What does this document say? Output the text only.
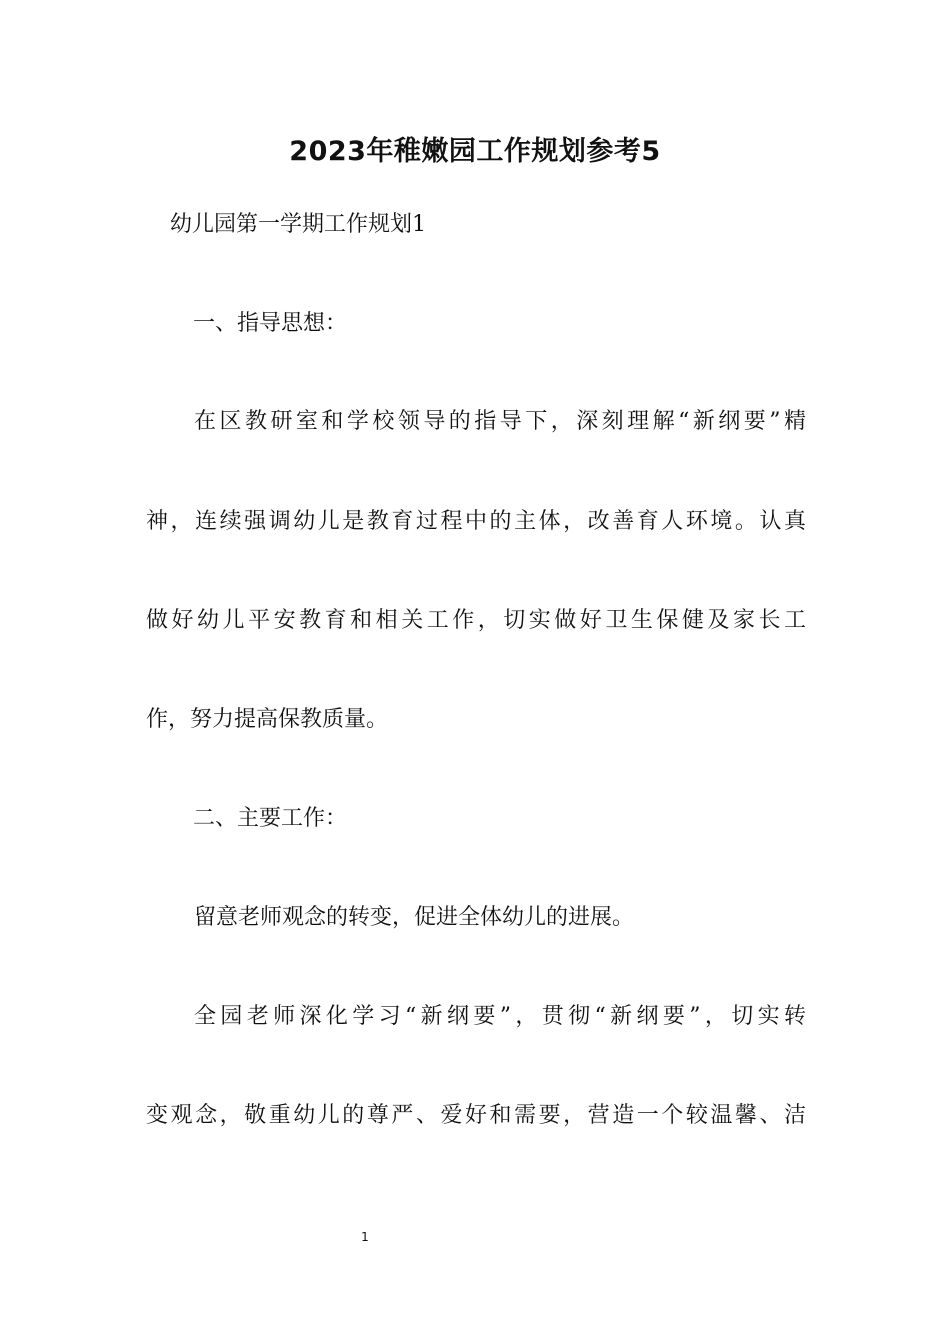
2023年稚嫩园工作规划参考5
幼儿园第一学期工作规划1
一、指导思想：
在区教研室和学校领导的指导下，深刻理解“新纲要”精
神，连续强调幼儿是教育过程中的主体，改善育人环境。认真
做好幼儿平安教育和相关工作，切实做好卫生保健及家长工
作，努力提高保教质量。
二、主要工作：
留意老师观念的转变，促进全体幼儿的进展。
全园老师深化学习“新纲要”，贯彻“新纲要”，切实转
变观念，敬重幼儿的尊严、爱好和需要，营造一个较温馨、洁
1
